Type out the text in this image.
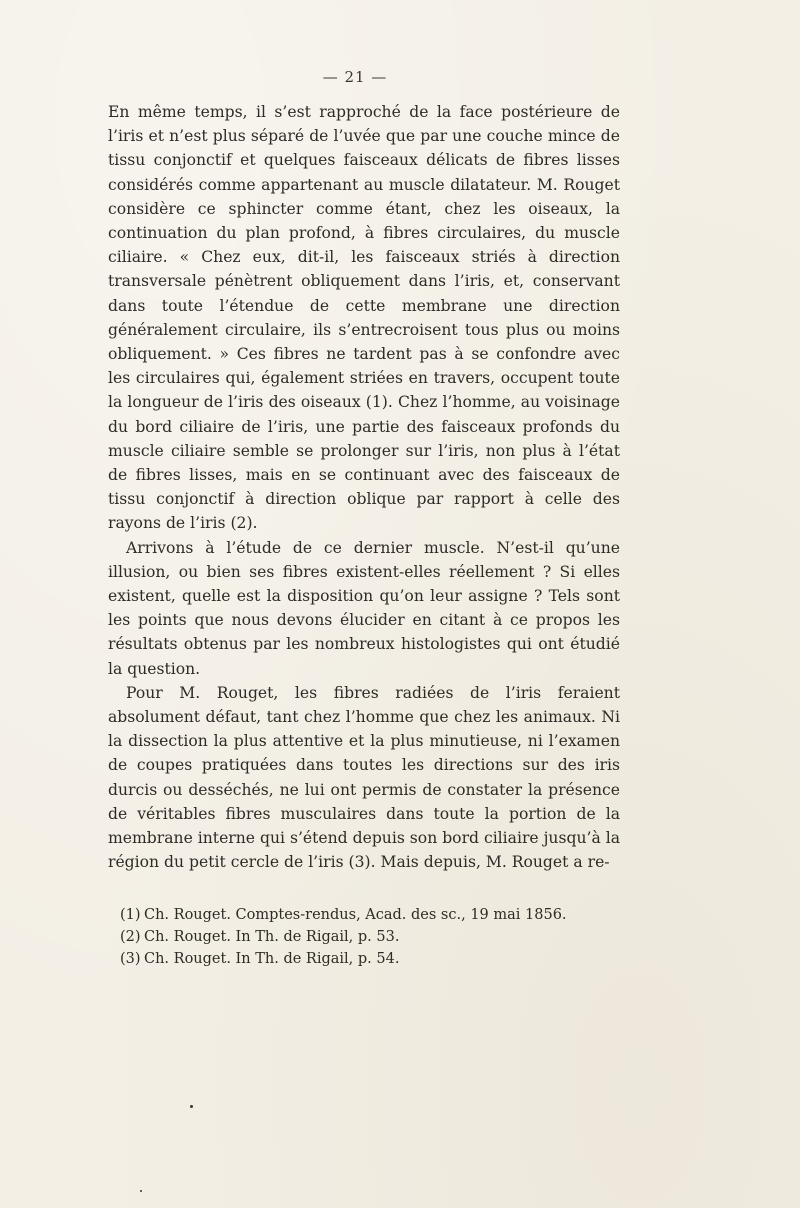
— 21 —

En même temps, il s’est rapproché de la face postérieure de l’iris et n’est plus séparé de l’uvée que par une couche mince de tissu conjonctif et quelques faisceaux délicats de fibres lisses considérés comme appartenant au muscle dilatateur. M. Rouget considère ce sphincter comme étant, chez les oiseaux, la continuation du plan profond, à fibres circulaires, du muscle ciliaire. « Chez eux, dit-il, les faisceaux striés à direction transversale pénètrent obliquement dans l’iris, et, conservant dans toute l’étendue de cette membrane une direction généralement circulaire, ils s’entrecroisent tous plus ou moins obliquement. » Ces fibres ne tardent pas à se confondre avec les circulaires qui, également striées en travers, occupent toute la longueur de l’iris des oiseaux (1). Chez l’homme, au voisinage du bord ciliaire de l’iris, une partie des faisceaux profonds du muscle ciliaire semble se prolonger sur l’iris, non plus à l’état de fibres lisses, mais en se continuant avec des faisceaux de tissu conjonctif à direction oblique par rapport à celle des rayons de l’iris (2).

Arrivons à l’étude de ce dernier muscle. N’est-il qu’une illusion, ou bien ses fibres existent-elles réellement ? Si elles existent, quelle est la disposition qu’on leur assigne ? Tels sont les points que nous devons élucider en citant à ce propos les résultats obtenus par les nombreux histologistes qui ont étudié la question.

Pour M. Rouget, les fibres radiées de l’iris feraient absolument défaut, tant chez l’homme que chez les animaux. Ni la dissection la plus attentive et la plus minutieuse, ni l’examen de coupes pratiquées dans toutes les directions sur des iris durcis ou desséchés, ne lui ont permis de constater la présence de véritables fibres musculaires dans toute la portion de la membrane interne qui s’étend depuis son bord ciliaire jusqu’à la région du petit cercle de l’iris (3). Mais depuis, M. Rouget a re-

(1) Ch. Rouget. Comptes-rendus, Acad. des sc., 19 mai 1856.

(2) Ch. Rouget. In Th. de Rigail, p. 53.

(3) Ch. Rouget. In Th. de Rigail, p. 54.
